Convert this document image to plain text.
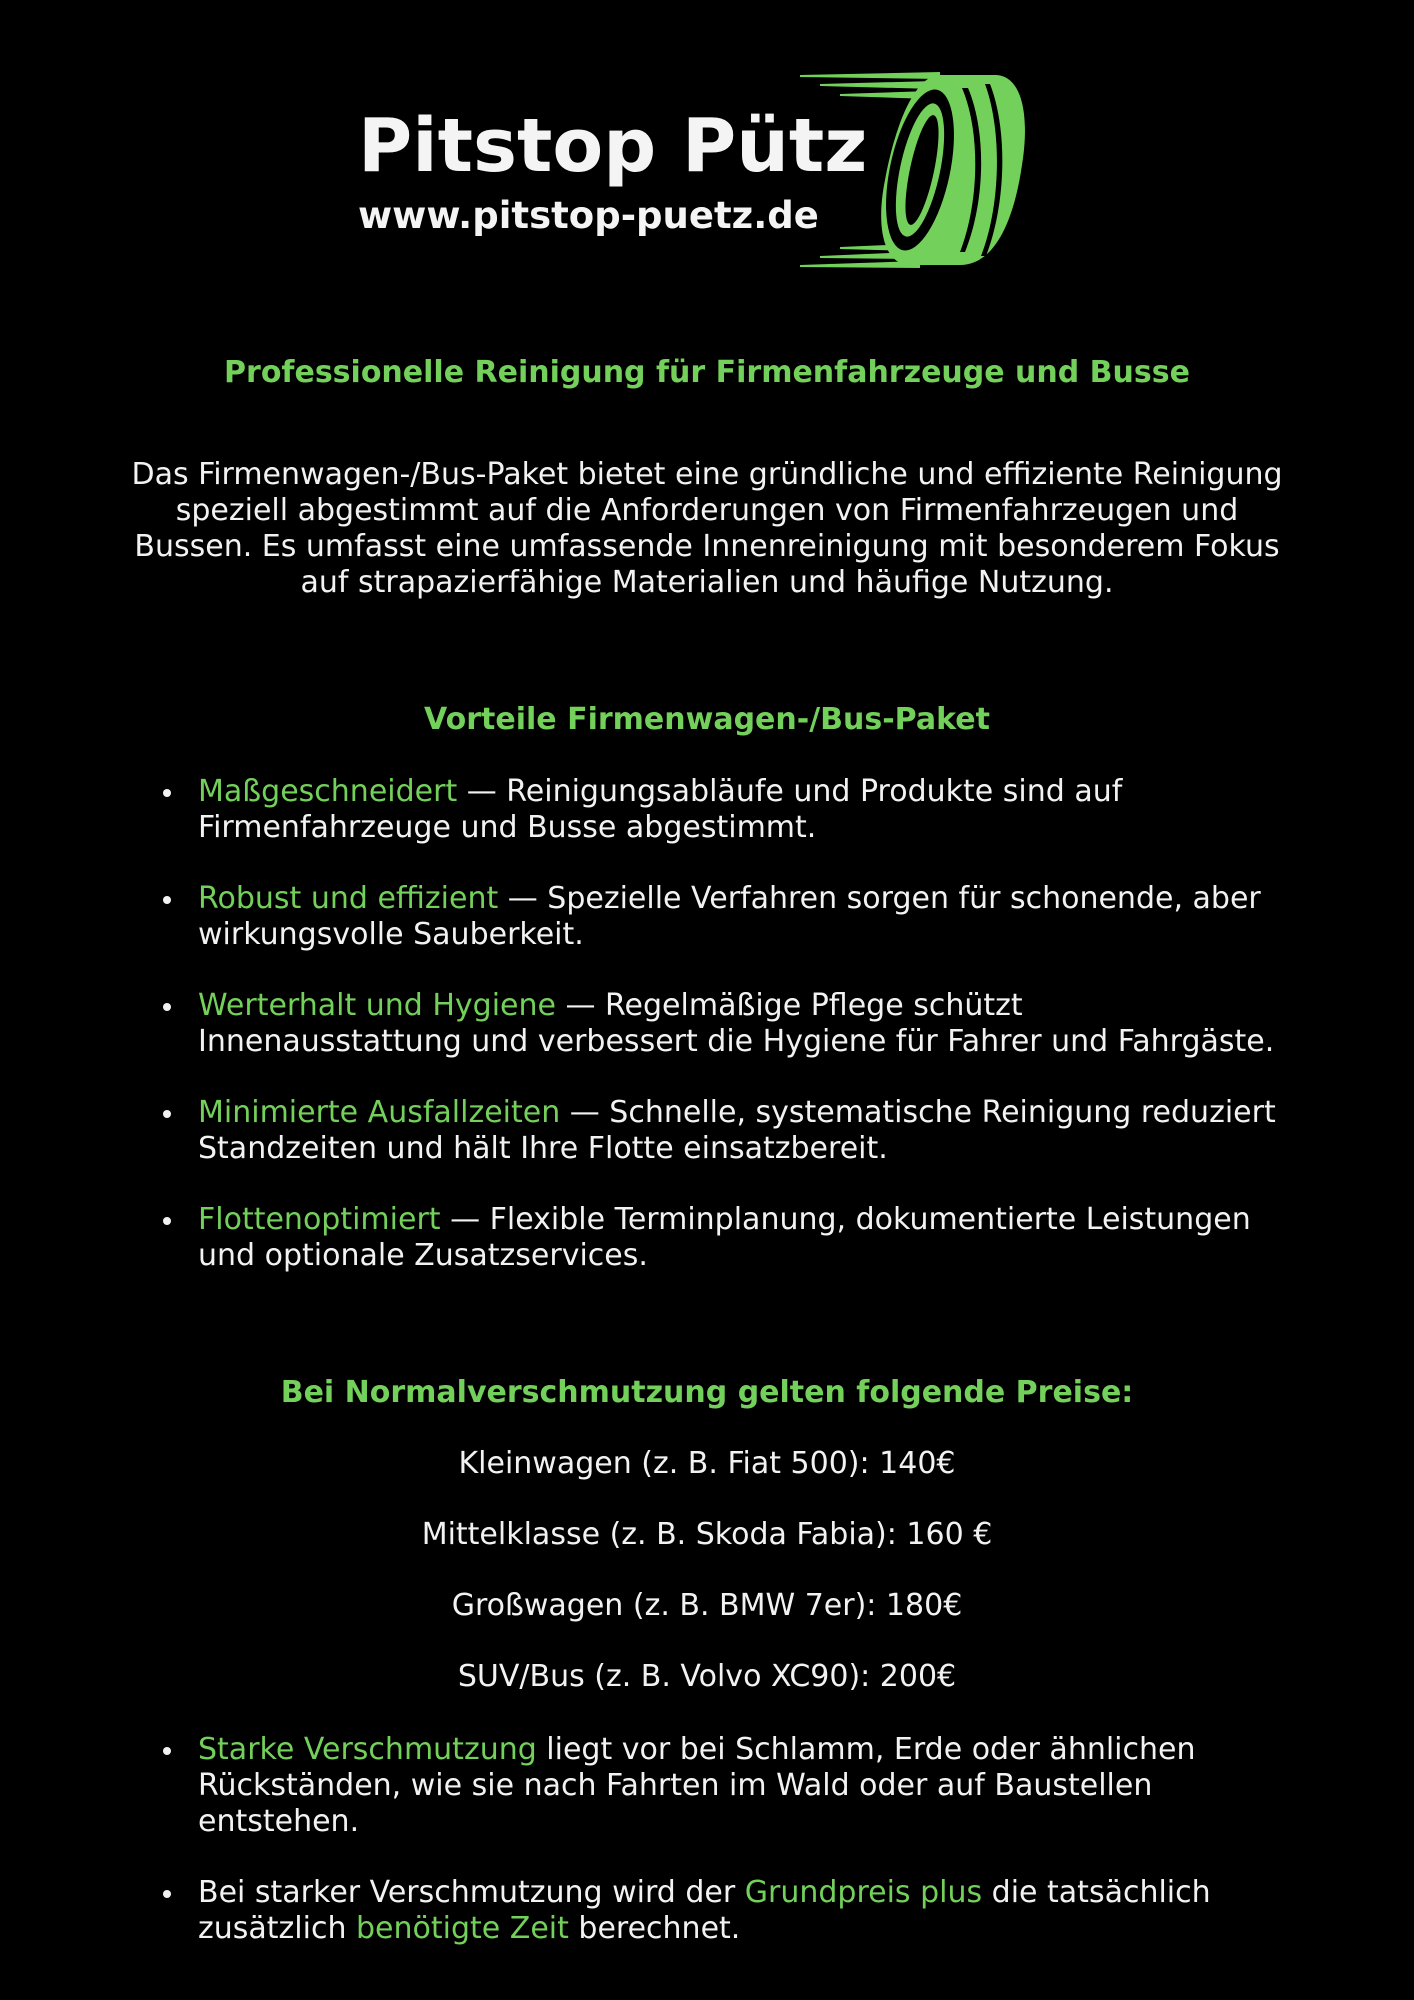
Pitstop Pütz
www.pitstop-puetz.de
Professionelle Reinigung für Firmenfahrzeuge und Busse
Das Firmenwagen-/Bus-Paket bietet eine gründliche und effiziente Reinigung speziell abgestimmt auf die Anforderungen von Firmenfahrzeugen und Bussen. Es umfasst eine umfassende Innenreinigung mit besonderem Fokus auf strapazierfähige Materialien und häufige Nutzung.
Vorteile Firmenwagen-/Bus-Paket
Maßgeschneidert — Reinigungsabläufe und Produkte sind auf Firmenfahrzeuge und Busse abgestimmt.
Robust und effizient — Spezielle Verfahren sorgen für schonende, aber wirkungsvolle Sauberkeit.
Werterhalt und Hygiene — Regelmäßige Pflege schützt Innenausstattung und verbessert die Hygiene für Fahrer und Fahrgäste.
Minimierte Ausfallzeiten — Schnelle, systematische Reinigung reduziert Standzeiten und hält Ihre Flotte einsatzbereit.
Flottenoptimiert — Flexible Terminplanung, dokumentierte Leistungen und optionale Zusatzservices.
Bei Normalverschmutzung gelten folgende Preise:
Kleinwagen (z. B. Fiat 500): 140€
Mittelklasse (z. B. Skoda Fabia): 160 €
Großwagen (z. B. BMW 7er): 180€
SUV/Bus (z. B. Volvo XC90): 200€
Starke Verschmutzung liegt vor bei Schlamm, Erde oder ähnlichen Rückständen, wie sie nach Fahrten im Wald oder auf Baustellen entstehen.
Bei starker Verschmutzung wird der Grundpreis plus die tatsächlich zusätzlich benötigte Zeit berechnet.
